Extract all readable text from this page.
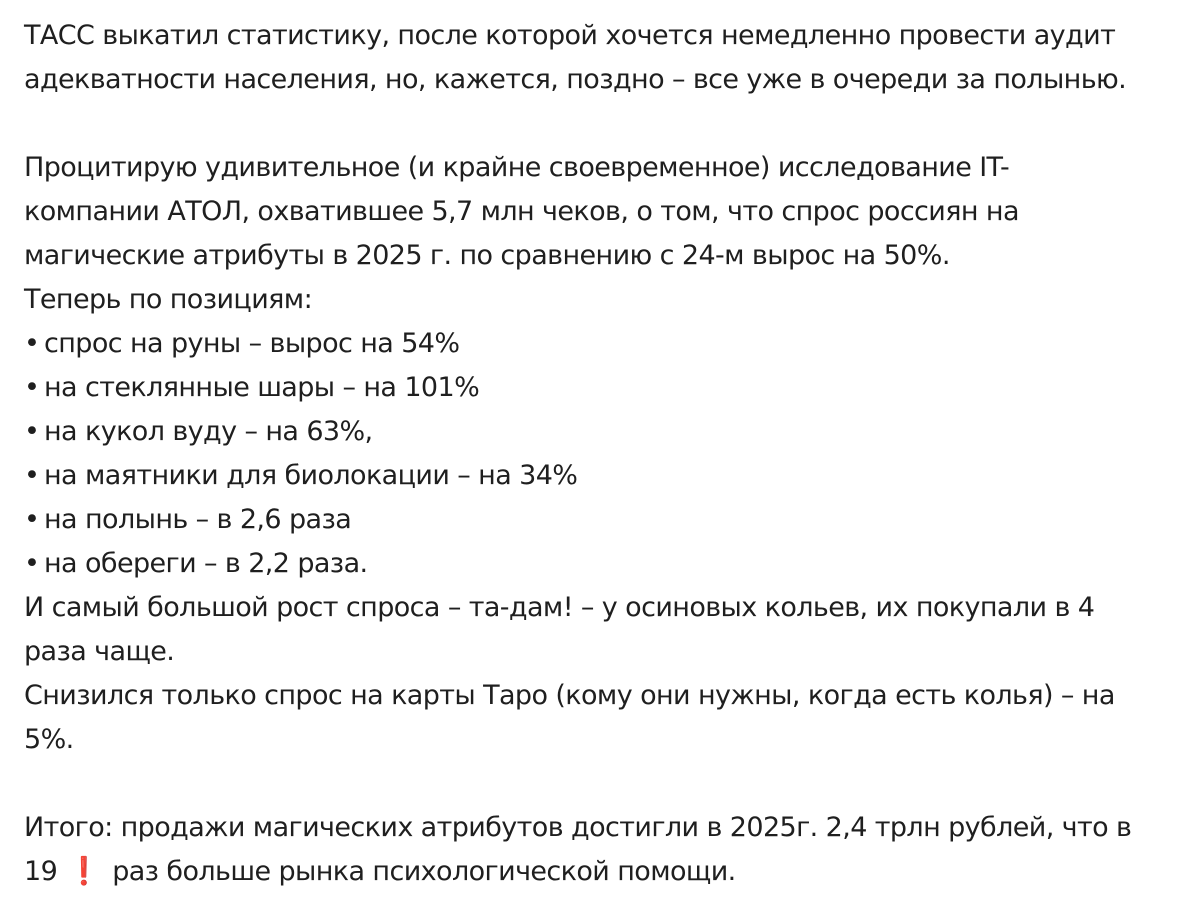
ТАСС выкатил статистику, после которой хочется немедленно провести аудит
адекватности населения, но, кажется, поздно – все уже в очереди за полынью.

Процитирую удивительное (и крайне своевременное) исследование IT-
компании АТОЛ, охватившее 5,7 млн чеков, о том, что спрос россиян на
магические атрибуты в 2025 г. по сравнению с 24-м вырос на 50%.
Теперь по позициям:

• спрос на руны – вырос на 54%
• на стеклянные шары – на 101%
• на кукол вуду – на 63%,
• на маятники для биолокации – на 34%
• на полынь – в 2,6 раза
• на обереги – в 2,2 раза.

И самый большой рост спроса – та-дам! – у осиновых кольев, их покупали в 4
раза чаще.

Снизился только спрос на карты Таро (кому они нужны, когда есть колья) – на
5%.

Итого: продажи магических атрибутов достигли в 2025г. 2,4 трлн рублей, что в
19 ❗ раз больше рынка психологической помощи.
